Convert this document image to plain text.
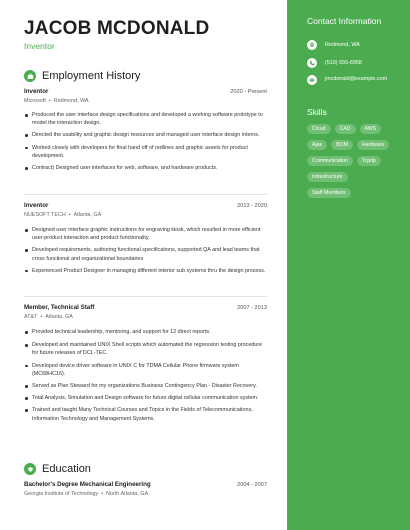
JACOB MCDONALD
Inventor
Employment History
Inventor	2020 - Present
Microsoft • Redmond, WA
Produced the user interface design specifications and developed a working software prototype to model the interaction design.
Directed the usability and graphic design resources and managed user interface design interns.
Worked closely with developers for final hand off of redlines and graphic assets for product development.
Contract) Designed user interfaces for web, software, and hardware products.
Inventor	2013 - 2020
NUESOFT TECH • Atlanta, GA
Designed user interface graphic instructions for engraving kiosk, which resulted in more efficient user-product interaction and product functionality.
Developed requirements, authoring functional specifications, supported QA and lead teams that cross functional and organizational boundaries
Experienced Product Designer in managing different interior sub systems thru the design process.
Member, Technical Staff	2007 - 2013
AT&T • Atlanta, GA
Provided technical leadership, mentoring, and support for 12 direct reports.
Developed and maintained UNIX Shell scripts which automated the regression testing procedure for future releases of DCL-TEC.
Developed device driver software in UNIX C for TDMA Cellular Phone firmware system (MC68HC16).
Served as Plan Steward for my organizations Business Contingency Plan - Disaster Recovery.
Total Analysis, Simulation and Design software for future digital cellular communication system.
Trained and taught Many Technical Courses and Topics in the Fields of Telecommunications, Information Technology and Management Systems.
Education
Bachelor's Degree Mechanical Engineering	2004 - 2007
Georgia Institute of Technology • North Atlanta, GA
Contact Information
Redmond, WA
(510) 555-6958
jmcdonald@example.com
Skills
Cloud	CAD	AWS
Ajax	BOM	Hardware
Communication	Tcp/Ip
Infrastructure
Staff Members
